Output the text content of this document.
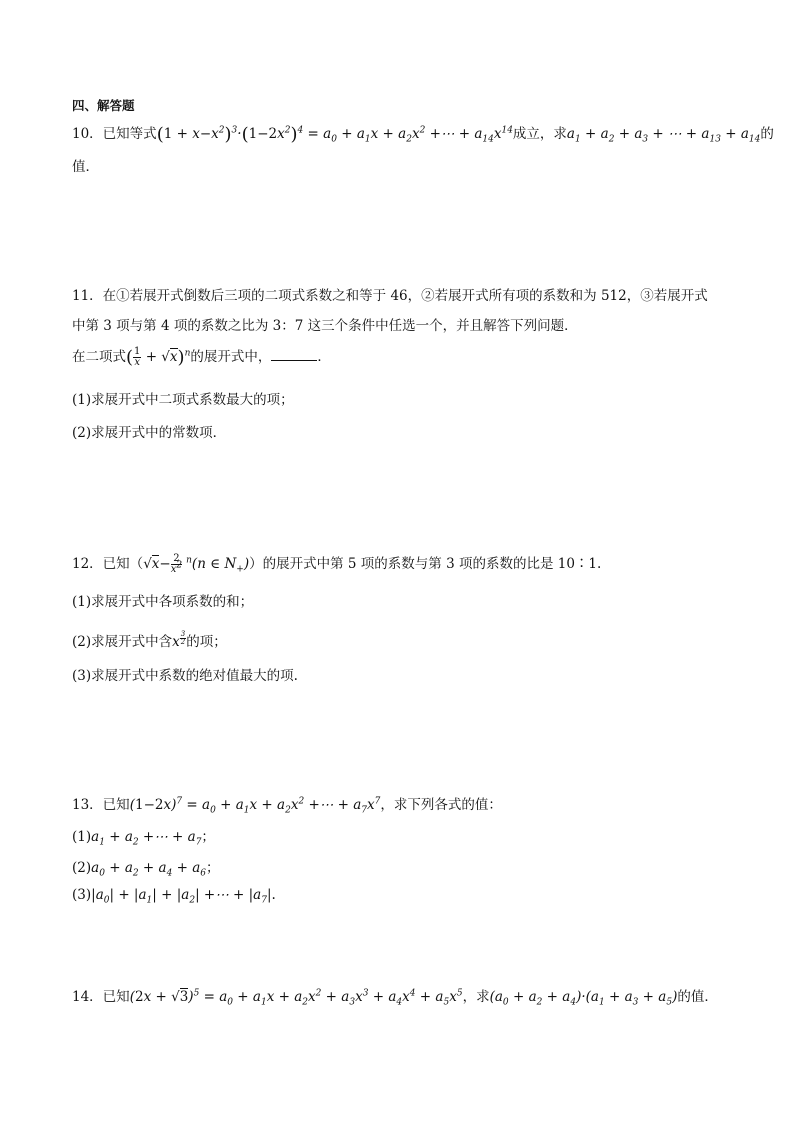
四、解答题
10．已知等式$(1 + x-x^2)^3\cdot(1-2x^2)^4 = a_0 + a_1x + a_2x^2$ +⋯ + $a_{14}x^{14}$成立，求$a_1 + a_2 + a_3$ + ⋯ + $a_{13} + a_{14}$的
值．
11．在①若展开式倒数后三项的二项式系数之和等于 46，②若展开式所有项的系数和为 512，③若展开式
中第 3 项与第 4 项的系数之比为 3：7 这三个条件中任选一个，并且解答下列问题．
在二项式( $\frac{1}{x} + √x)^n$的展开式中，	．
(1)求展开式中二项式系数最大的项；
(2)求展开式中的常数项．
12．已知（$√x- \frac{2}{x^2} ^n(n$ ∈ $N_+$)）的展开式中第 5 项的系数与第 3 项的系数的比是 10∶1.
(1)求展开式中各项系数的和；
(2)求展开式中含x $^{\frac{3}{2}}$ 的项；
(3)求展开式中系数的绝对值最大的项.
13．已知$(1-2x)^7 = a_0 + a_1x + a_2x^2$ +⋯ + $a_7x^7$，求下列各式的值：
$(1)a_1 + a_2$ +⋯ + $a_7$；
$(2)a_0 + a_2 + a_4 + a_6$；
$(3)|a_0| + |a_1| + |a_2|$ +⋯ + $|a_7|$.
14．已知$(2x + √3)^5 = a_0 + a_1x + a_2x^2 + a_3x^3 + a_4x^4 + a_5x^5$，求$(a_0 + a_2 + a_4)\cdot(a_1 + a_3 + a_5)$的值．
